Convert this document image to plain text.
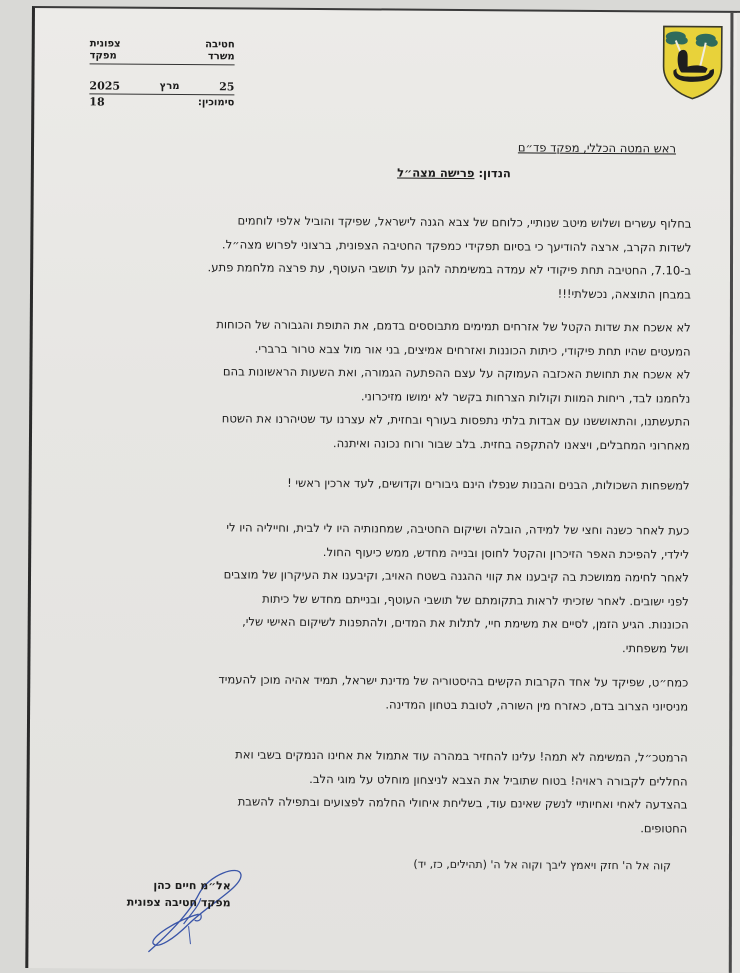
חטיבה
צפונית
משרד
מפקד
25
מרץ
2025
סימוכין:
18
ראש המטה הכללי, מפקד פד״ם
הנדון: פרישה מצה״ל
בחלוף עשרים ושלוש מיטב שנותיי, כלוחם של צבא הגנה לישראל, שפיקד והוביל אלפי לוחמים
לשדות הקרב, ארצה להודיעך כי בסיום תפקידי כמפקד החטיבה הצפונית, ברצוני לפרוש מצה״ל.
ב-7.10, החטיבה תחת פיקודי לא עמדה במשימתה להגן על תושבי העוטף, עת פרצה מלחמת פתע.
במבחן התוצאה, נכשלתי!!!
לא אשכח את שדות הקטל של אזרחים תמימים מתבוססים בדמם, את התופת והגבורה של הכוחות
המעטים שהיו תחת פיקודי, כיתות הכוננות ואזרחים אמיצים, בני אור מול צבא טרור ברברי.
לא אשכח את תחושת האכזבה העמוקה על עצם ההפתעה הגמורה, ואת השעות הראשונות בהם
נלחמנו לבד, ריחות המוות וקולות הצרחות בקשר לא ימושו מזיכרוני.
התעשתנו, והתאוששנו עם אבדות בלתי נתפסות בעורף ובחזית, לא עצרנו עד שטיהרנו את השטח
מאחרוני המחבלים, ויצאנו להתקפה בחזית. בלב שבור ורוח נכונה ואיתנה.
למשפחות השכולות, הבנים והבנות שנפלו הינם גיבורים וקדושים, לעד ארכין ראשי !
כעת לאחר כשנה וחצי של למידה, הובלה ושיקום החטיבה, שמחנותיה היו לי לבית, וחייליה היו לי
לילדי, להפיכת האפר הזיכרון והקטל לחוסן ובנייה מחדש, ממש כיעוף החול.
לאחר לחימה ממושכת בה קיבענו את קווי ההגנה בשטח האויב, וקיבענו את העיקרון של מוצבים
לפני ישובים. לאחר שזכיתי לראות בתקומתם של תושבי העוטף, ובנייתם מחדש של כיתות
הכוננות. הגיע הזמן, לסיים את משימת חיי, לתלות את המדים, ולהתפנות לשיקום האישי שלי,
ושל משפחתי.
כמח״ט, שפיקד על אחד הקרבות הקשים בהיסטוריה של מדינת ישראל, תמיד אהיה מוכן להעמיד
מניסיוני הצרוב בדם, כאזרח מין השורה, לטובת בטחון המדינה.
הרמטכ״ל, המשימה לא תמה! עלינו להחזיר במהרה עוד אתמול את אחינו הנמקים בשבי ואת
החללים לקבורה ראויה! בטוח שתוביל את הצבא לניצחון מוחלט על מוגי הלב.
בהצדעה לאחי ואחיותיי לנשק שאינם עוד, בשליחת איחולי החלמה לפצועים ובתפילה להשבת
החטופים.
קוה אל ה' חזק ויאמץ ליבך וקוה אל ה' (תהילים, כז, יד)
אל״מ חיים כהן
מפקד חטיבה צפונית
